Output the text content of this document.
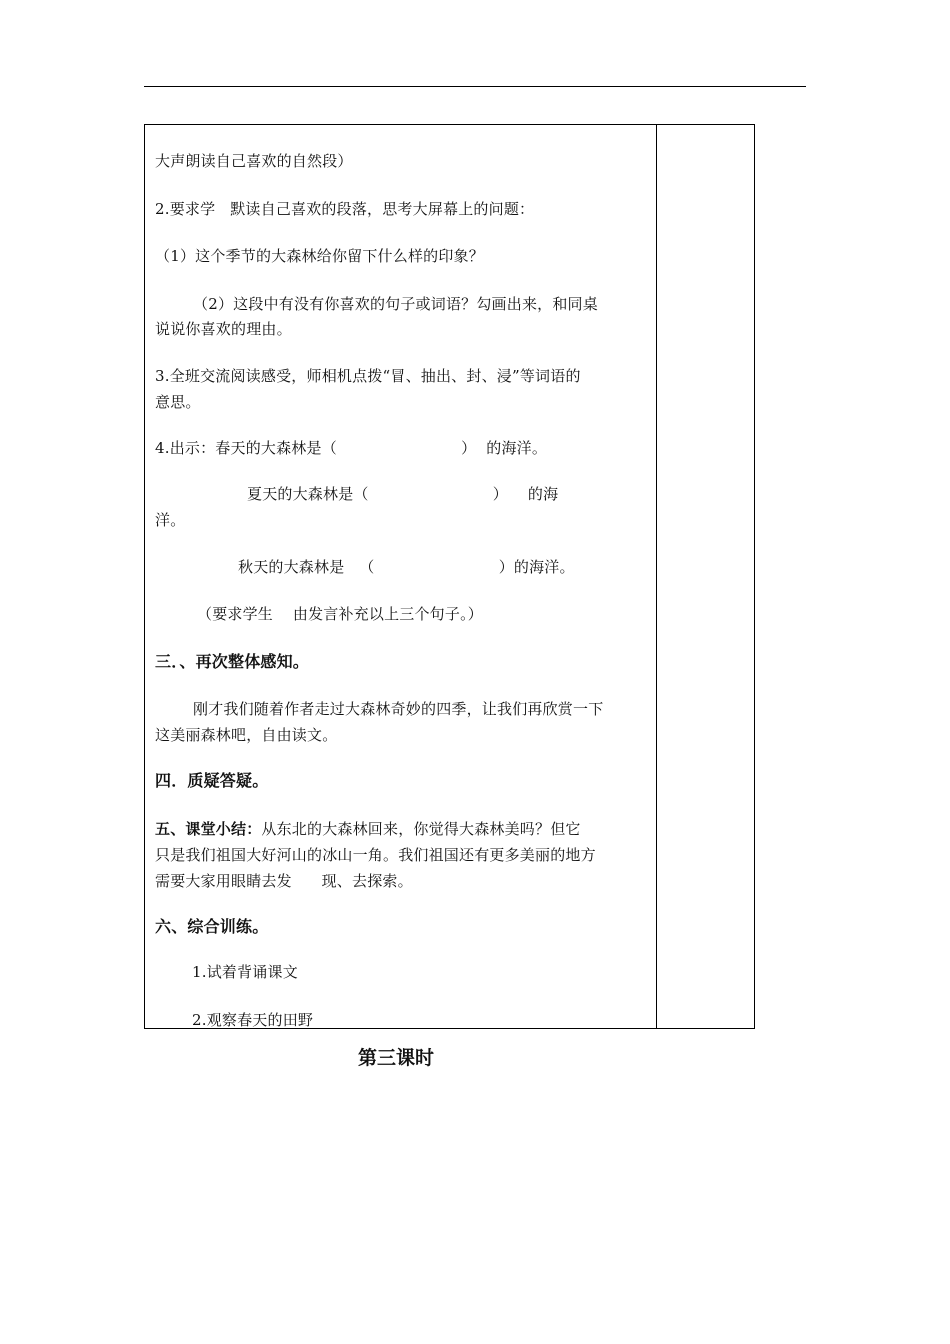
大声朗读自己喜欢的自然段）
2.要求学   默读自己喜欢的段落，思考大屏幕上的问题：
（1）这个季节的大森林给你留下什么样的印象？
（2）这段中有没有你喜欢的句子或词语？勾画出来，和同桌
说说你喜欢的理由。
3.全班交流阅读感受，师相机点拨“冒、抽出、封、浸”等词语的
意思。
4.出示：春天的大森林是（                         ）  的海洋。
夏天的大森林是（                         ）    的海
洋。
秋天的大森林是   （                         ）的海洋。
（要求学生    由发言补充以上三个句子。）
三．、再次整体感知。
刚才我们随着作者走过大森林奇妙的四季，让我们再欣赏一下
这美丽森林吧，自由读文。
四．质疑答疑。
五、课堂小结：从东北的大森林回来，你觉得大森林美吗？但它
只是我们祖国大好河山的冰山一角。我们祖国还有更多美丽的地方
需要大家用眼睛去发      现、去探索。
六、综合训练。
1.试着背诵课文
2.观察春天的田野
第三课时
